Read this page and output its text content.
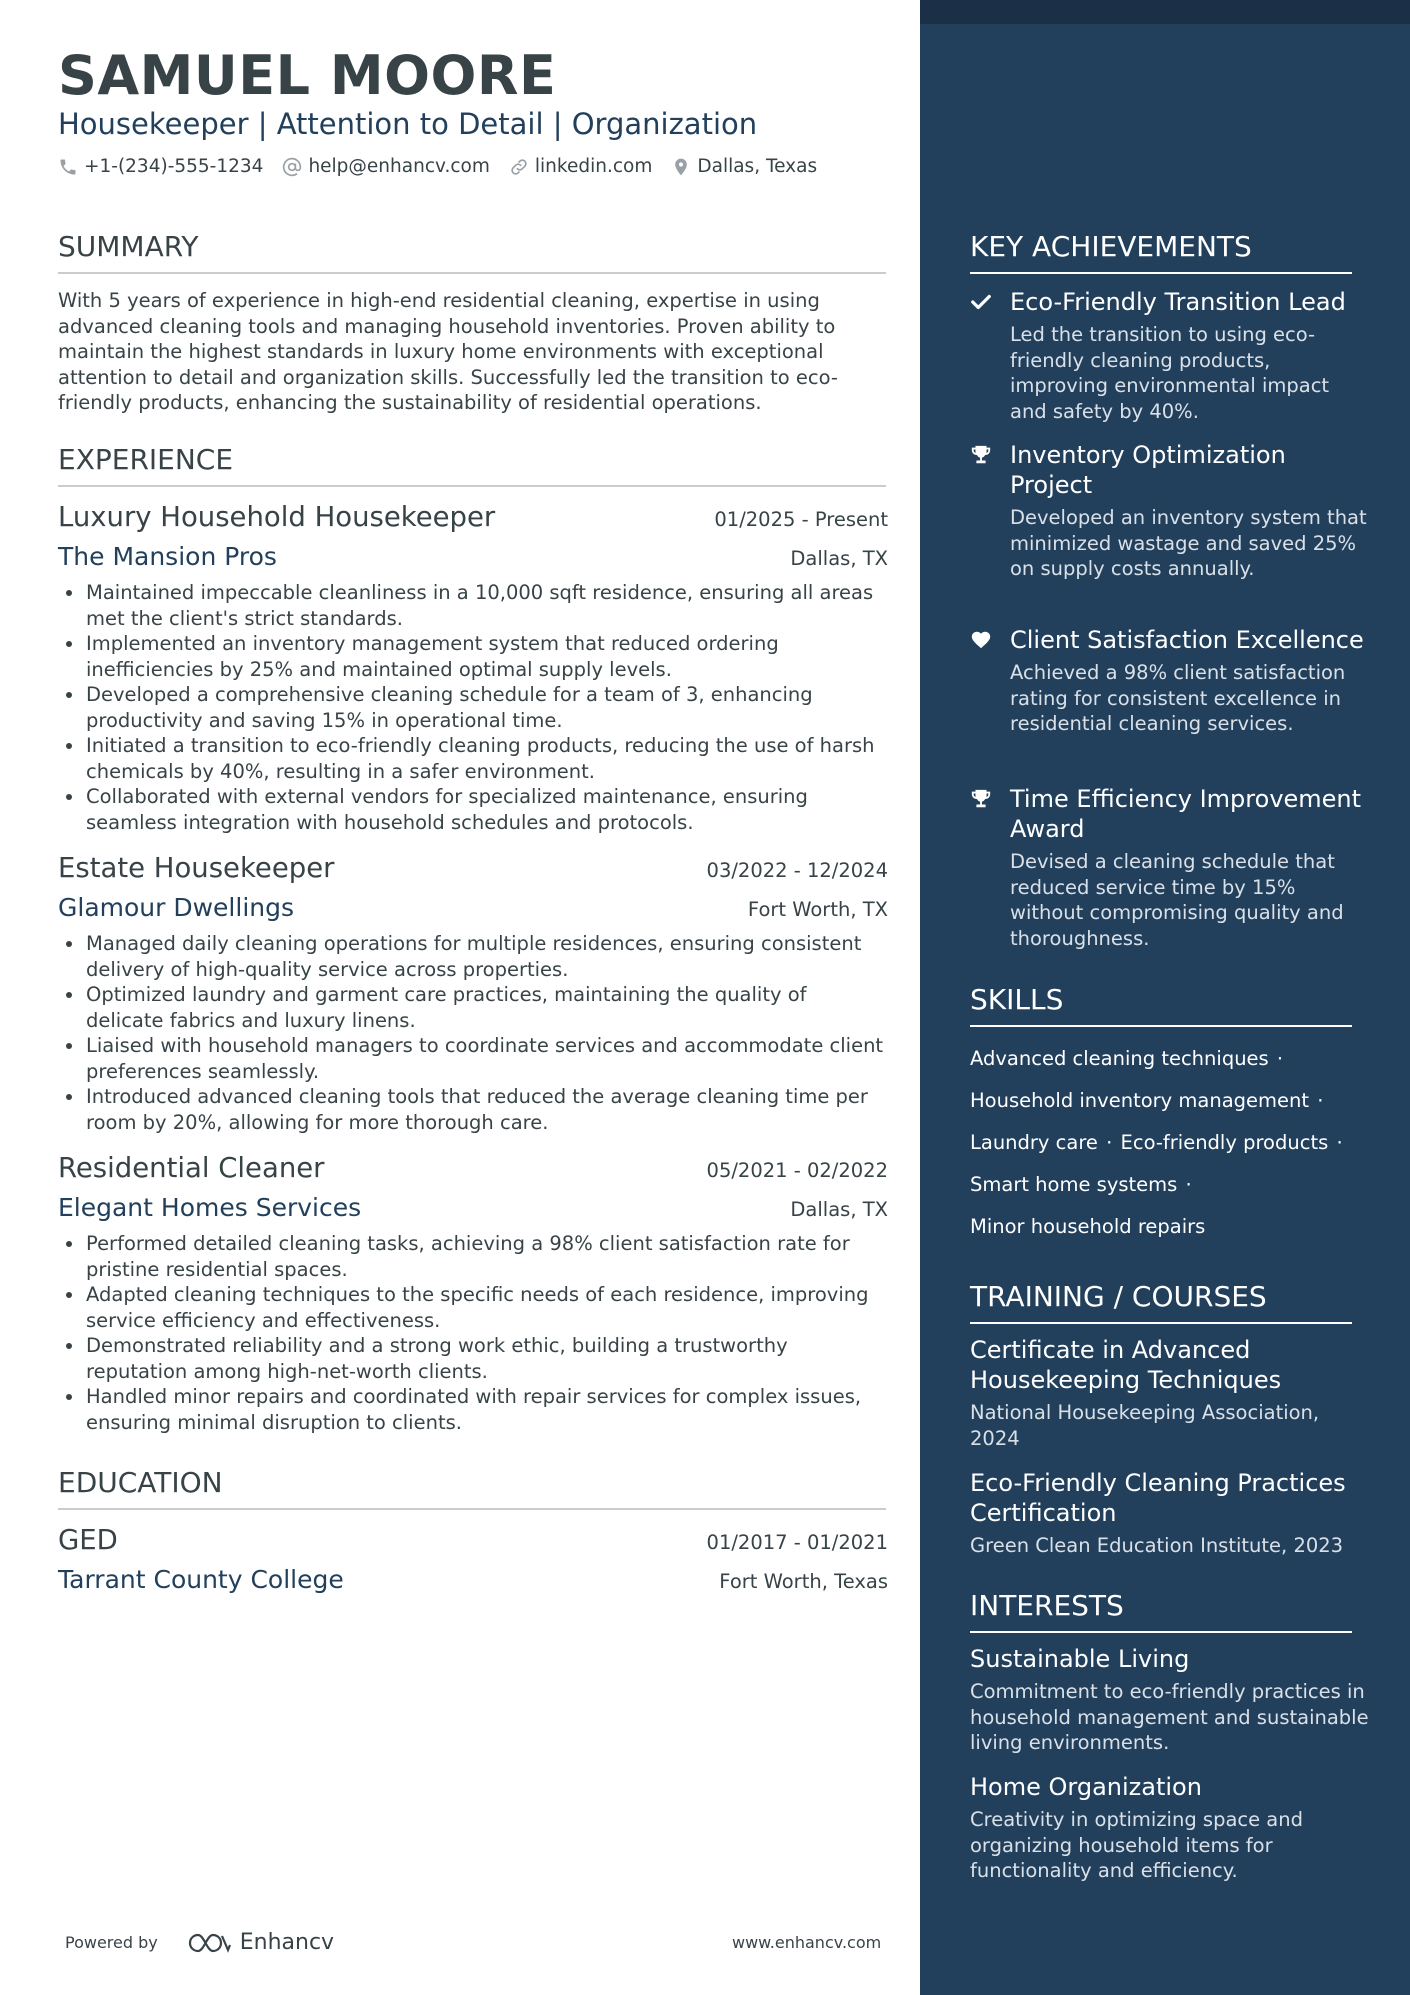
SAMUEL MOORE
Housekeeper | Attention to Detail | Organization
+1-(234)-555-1234 help@enhancv.com linkedin.com Dallas, Texas
SUMMARY
With 5 years of experience in high-end residential cleaning, expertise in using advanced cleaning tools and managing household inventories. Proven ability to maintain the highest standards in luxury home environments with exceptional attention to detail and organization skills. Successfully led the transition to eco-friendly products, enhancing the sustainability of residential operations.
EXPERIENCE
Luxury Household Housekeeper	01/2025 - Present
The Mansion Pros	Dallas, TX
Maintained impeccable cleanliness in a 10,000 sqft residence, ensuring all areas met the client's strict standards.
Implemented an inventory management system that reduced ordering inefficiencies by 25% and maintained optimal supply levels.
Developed a comprehensive cleaning schedule for a team of 3, enhancing productivity and saving 15% in operational time.
Initiated a transition to eco-friendly cleaning products, reducing the use of harsh chemicals by 40%, resulting in a safer environment.
Collaborated with external vendors for specialized maintenance, ensuring seamless integration with household schedules and protocols.
Estate Housekeeper	03/2022 - 12/2024
Glamour Dwellings	Fort Worth, TX
Managed daily cleaning operations for multiple residences, ensuring consistent delivery of high-quality service across properties.
Optimized laundry and garment care practices, maintaining the quality of delicate fabrics and luxury linens.
Liaised with household managers to coordinate services and accommodate client preferences seamlessly.
Introduced advanced cleaning tools that reduced the average cleaning time per room by 20%, allowing for more thorough care.
Residential Cleaner	05/2021 - 02/2022
Elegant Homes Services	Dallas, TX
Performed detailed cleaning tasks, achieving a 98% client satisfaction rate for pristine residential spaces.
Adapted cleaning techniques to the specific needs of each residence, improving service efficiency and effectiveness.
Demonstrated reliability and a strong work ethic, building a trustworthy reputation among high-net-worth clients.
Handled minor repairs and coordinated with repair services for complex issues, ensuring minimal disruption to clients.
EDUCATION
GED	01/2017 - 01/2021
Tarrant County College	Fort Worth, Texas
Powered by	Enhancv	www.enhancv.com
KEY ACHIEVEMENTS
Eco-Friendly Transition Lead
Led the transition to using eco-friendly cleaning products, improving environmental impact and safety by 40%.
Inventory Optimization Project
Developed an inventory system that minimized wastage and saved 25% on supply costs annually.
Client Satisfaction Excellence
Achieved a 98% client satisfaction rating for consistent excellence in residential cleaning services.
Time Efficiency Improvement Award
Devised a cleaning schedule that reduced service time by 15% without compromising quality and thoroughness.
SKILLS
Advanced cleaning techniques ·
Household inventory management ·
Laundry care · Eco-friendly products ·
Smart home systems ·
Minor household repairs
TRAINING / COURSES
Certificate in Advanced Housekeeping Techniques
National Housekeeping Association, 2024
Eco-Friendly Cleaning Practices Certification
Green Clean Education Institute, 2023
INTERESTS
Sustainable Living
Commitment to eco-friendly practices in household management and sustainable living environments.
Home Organization
Creativity in optimizing space and organizing household items for functionality and efficiency.
